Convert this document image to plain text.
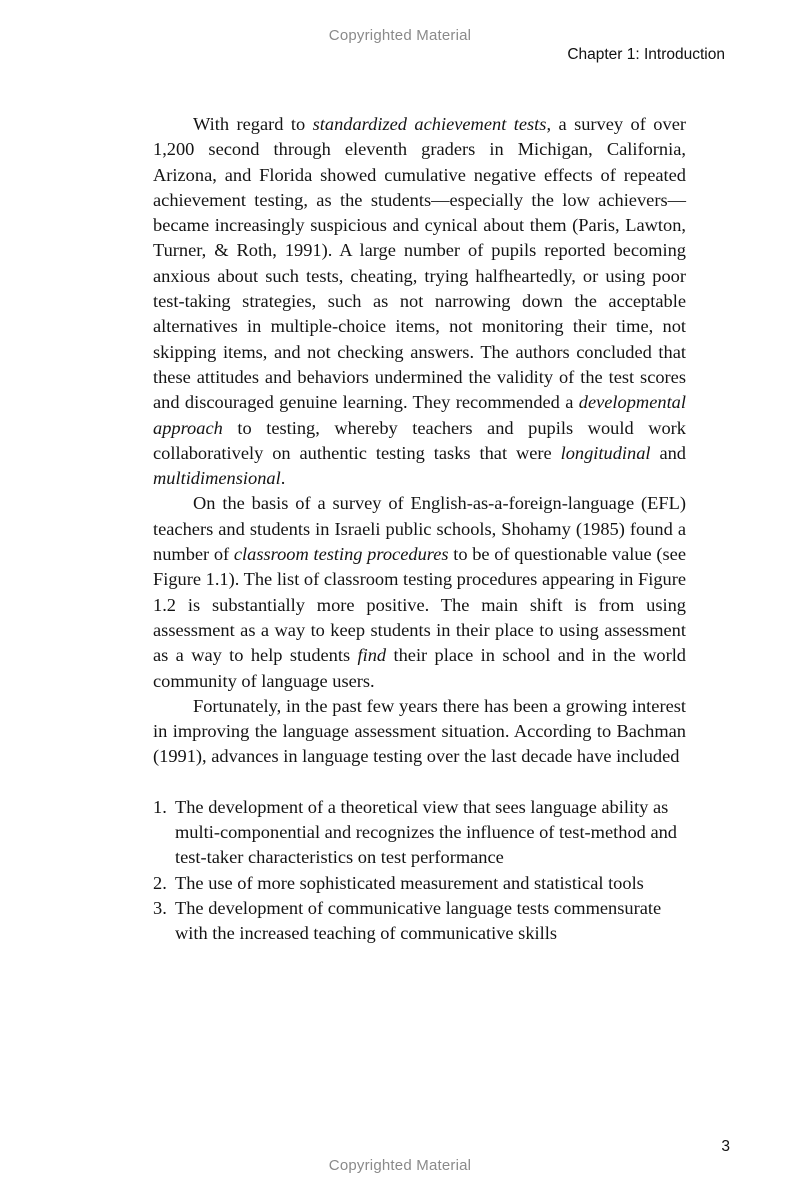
Copyrighted Material
Chapter 1: Introduction

With regard to standardized achievement tests, a survey of over 1,200 second through eleventh graders in Michigan, California, Arizona, and Florida showed cumulative negative effects of repeated achievement testing, as the students—especially the low achievers—became increasingly suspicious and cynical about them (Paris, Lawton, Turner, & Roth, 1991). A large number of pupils reported becoming anxious about such tests, cheating, trying halfheartedly, or using poor test-taking strategies, such as not narrowing down the acceptable alternatives in multiple-choice items, not monitoring their time, not skipping items, and not checking answers. The authors concluded that these attitudes and behaviors undermined the validity of the test scores and discouraged genuine learning. They recommended a developmental approach to testing, whereby teachers and pupils would work collaboratively on authentic testing tasks that were longitudinal and multidimensional.

On the basis of a survey of English-as-a-foreign-language (EFL) teachers and students in Israeli public schools, Shohamy (1985) found a number of classroom testing procedures to be of questionable value (see Figure 1.1). The list of classroom testing procedures appearing in Figure 1.2 is substantially more positive. The main shift is from using assessment as a way to keep students in their place to using assessment as a way to help students find their place in school and in the world community of language users.

Fortunately, in the past few years there has been a growing interest in improving the language assessment situation. According to Bachman (1991), advances in language testing over the last decade have included

1. The development of a theoretical view that sees language ability as multi-componential and recognizes the influence of test-method and test-taker characteristics on test performance
2. The use of more sophisticated measurement and statistical tools
3. The development of communicative language tests commensurate with the increased teaching of communicative skills
3
Copyrighted Material
